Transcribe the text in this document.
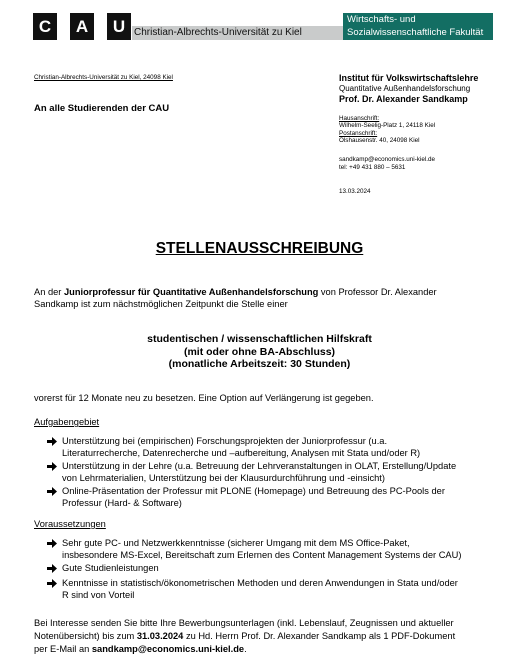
C	A	U Christian-Albrechts-Universität zu Kiel
Wirtschafts- und
Sozialwissenschaftliche Fakultät
Christian-Albrechts-Universität zu Kiel, 24098 Kiel
An alle Studierenden der CAU
Institut für Volkswirtschaftslehre
Quantitative Außenhandelsforschung
Prof. Dr. Alexander Sandkamp
Hausanschrift:
Wilhelm-Seelig-Platz 1, 24118 Kiel
Postanschrift:
Olshausenstr. 40, 24098 Kiel
sandkamp@economics.uni-kiel.de
tel: +49 431 880 – 5631
13.03.2024
STELLENAUSSCHREIBUNG
An der Juniorprofessur für Quantitative Außenhandelsforschung von Professor Dr. Alexander
Sandkamp ist zum nächstmöglichen Zeitpunkt die Stelle einer
studentischen / wissenschaftlichen Hilfskraft
(mit oder ohne BA-Abschluss)
(monatliche Arbeitszeit: 30 Stunden)
vorerst für 12 Monate neu zu besetzen. Eine Option auf Verlängerung ist gegeben.
Aufgabengebiet
Unterstützung bei (empirischen) Forschungsprojekten der Juniorprofessur (u.a.
Literaturrecherche, Datenrecherche und –aufbereitung, Analysen mit Stata und/oder R)
Unterstützung in der Lehre (u.a. Betreuung der Lehrveranstaltungen in OLAT, Erstellung/Update
von Lehrmaterialien, Unterstützung bei der Klausurdurchführung und -einsicht)
Online-Präsentation der Professur mit PLONE (Homepage) und Betreuung des PC-Pools der
Professur (Hard- & Software)
Voraussetzungen
Sehr gute PC- und Netzwerkkenntnisse (sicherer Umgang mit dem MS Office-Paket,
insbesondere MS-Excel, Bereitschaft zum Erlernen des Content Management Systems der CAU)
Gute Studienleistungen
Kenntnisse in statistisch/ökonometrischen Methoden und deren Anwendungen in Stata und/oder
R sind von Vorteil
Bei Interesse senden Sie bitte Ihre Bewerbungsunterlagen (inkl. Lebenslauf, Zeugnissen und aktueller
Notenübersicht) bis zum 31.03.2024 zu Hd. Herrn Prof. Dr. Alexander Sandkamp als 1 PDF-Dokument
per E-Mail an sandkamp@economics.uni-kiel.de.
